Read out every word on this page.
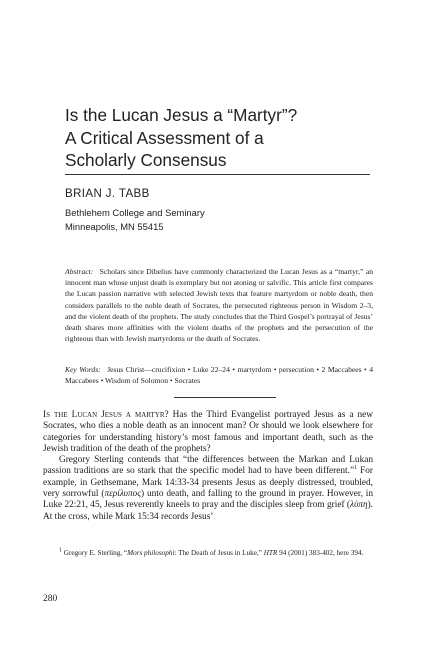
Is the Lucan Jesus a “Martyr”?
A Critical Assessment of a
Scholarly Consensus
BRIAN J. TABB
Bethlehem College and Seminary
Minneapolis, MN 55415
Abstract: Scholars since Dibelius have commonly characterized the Lucan Jesus as a “martyr,” an innocent man whose unjust death is exemplary but not atoning or salvific. This article first compares the Lucan passion narrative with selected Jewish texts that feature martyrdom or noble death, then considers parallels to the noble death of Socrates, the persecuted righteous person in Wisdom 2–3, and the violent death of the prophets. The study concludes that the Third Gospel’s portrayal of Jesus’ death shares more affinities with the violent deaths of the prophets and the persecution of the righteous than with Jewish martyrdoms or the death of Socrates.
Key Words: Jesus Christ—crucifixion • Luke 22–24 • martyrdom • persecution • 2 Maccabees • 4 Maccabees • Wisdom of Solomon • Socrates

Is the Lucan Jesus a martyr? Has the Third Evangelist portrayed Jesus as a new Socrates, who dies a noble death as an innocent man? Or should we look elsewhere for categories for understanding history’s most famous and important death, such as the Jewish tradition of the death of the prophets?

Gregory Sterling contends that “the differences between the Markan and Lukan passion traditions are so stark that the specific model had to have been different.”$^1$ For example, in Gethsemane, Mark 14:33-34 presents Jesus as deeply distressed, troubled, very sorrowful (περίλυπος) unto death, and falling to the ground in prayer. However, in Luke 22:21, 45, Jesus reverently kneels to pray and the disciples sleep from grief (λύπη). At the cross, while Mark 15:34 records Jesus’

$^1$ Gregory E. Sterling, “Mors philosophi: The Death of Jesus in Luke,” HTR 94 (2001) 383-402, here 394.
280
